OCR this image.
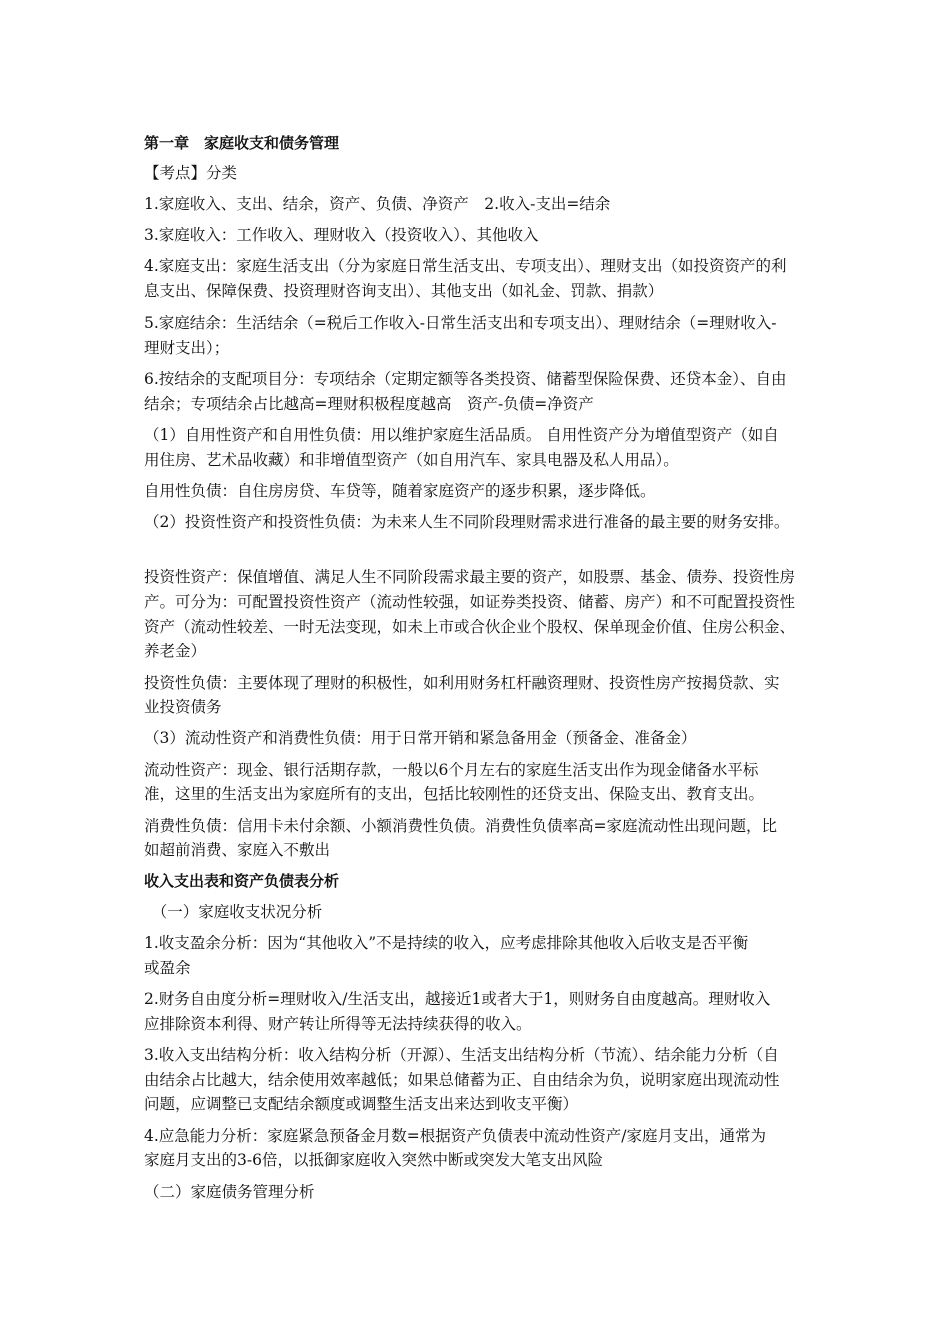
第一章　家庭收支和债务管理
【考点】分类
1.家庭收入、支出、结余，资产、负债、净资产　2.收入-支出=结余
3.家庭收入：工作收入、理财收入（投资收入）、其他收入
4.家庭支出：家庭生活支出（分为家庭日常生活支出、专项支出）、理财支出（如投资资产的利
息支出、保障保费、投资理财咨询支出）、其他支出（如礼金、罚款、捐款）
5.家庭结余：生活结余（=税后工作收入-日常生活支出和专项支出）、理财结余（=理财收入-
理财支出）；
6.按结余的支配项目分：专项结余（定期定额等各类投资、储蓄型保险保费、还贷本金）、自由
结余；专项结余占比越高=理财积极程度越高　资产-负债=净资产
（1）自用性资产和自用性负债：用以维护家庭生活品质。 自用性资产分为增值型资产（如自
用住房、艺术品收藏）和非增值型资产（如自用汽车、家具电器及私人用品）。
自用性负债：自住房房贷、车贷等，随着家庭资产的逐步积累，逐步降低。
（2）投资性资产和投资性负债：为未来人生不同阶段理财需求进行准备的最主要的财务安排。
投资性资产：保值增值、满足人生不同阶段需求最主要的资产，如股票、基金、债券、投资性房
产。可分为：可配置投资性资产（流动性较强，如证券类投资、储蓄、房产）和不可配置投资性
资产（流动性较差、一时无法变现，如未上市或合伙企业个股权、保单现金价值、住房公积金、
养老金）
投资性负债：主要体现了理财的积极性，如利用财务杠杆融资理财、投资性房产按揭贷款、实
业投资债务
（3）流动性资产和消费性负债：用于日常开销和紧急备用金（预备金、准备金）
流动性资产：现金、银行活期存款，一般以6个月左右的家庭生活支出作为现金储备水平标
准，这里的生活支出为家庭所有的支出，包括比较刚性的还贷支出、保险支出、教育支出。
消费性负债：信用卡未付余额、小额消费性负债。消费性负债率高=家庭流动性出现问题，比
如超前消费、家庭入不敷出
收入支出表和资产负债表分析
　（一）家庭收支状况分析
1.收支盈余分析：因为“其他收入”不是持续的收入，应考虑排除其他收入后收支是否平衡
或盈余
2.财务自由度分析=理财收入/生活支出，越接近1或者大于1，则财务自由度越高。理财收入
应排除资本利得、财产转让所得等无法持续获得的收入。
3.收入支出结构分析：收入结构分析（开源）、生活支出结构分析（节流）、结余能力分析（自
由结余占比越大，结余使用效率越低；如果总储蓄为正、自由结余为负，说明家庭出现流动性
问题，应调整已支配结余额度或调整生活支出来达到收支平衡）
4.应急能力分析：家庭紧急预备金月数=根据资产负债表中流动性资产/家庭月支出，通常为
家庭月支出的3-6倍，以抵御家庭收入突然中断或突发大笔支出风险
（二）家庭债务管理分析
